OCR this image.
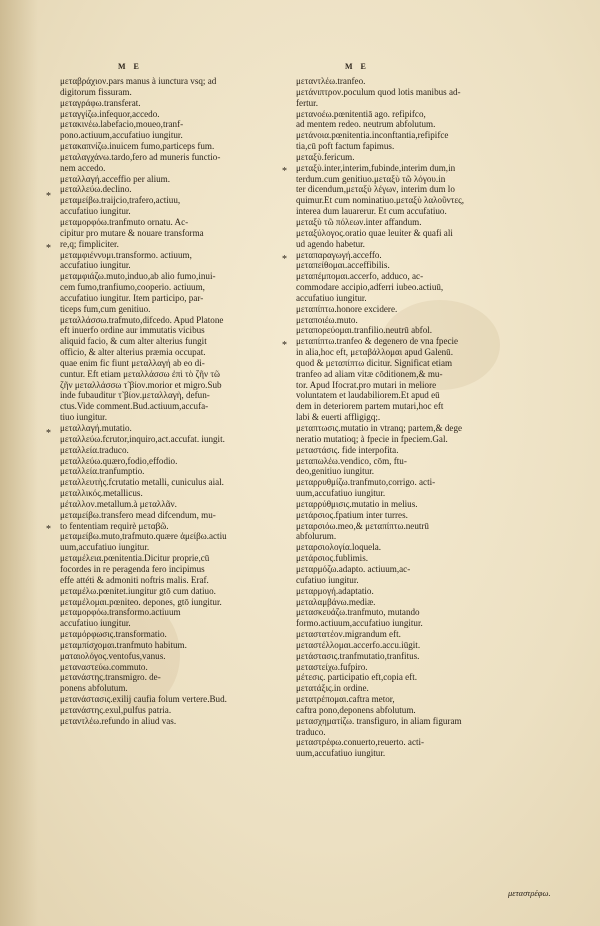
M E	M E
μεταβράχιον.pars manus à iunctura vsq; ad
digitorum fissuram.
μεταγράφω.transferat.
μεταγγίζω.infequor,accedo.
μετακινέω.labefacio,moueo,tranf-
pono.actiuum,accufatiuo iungitur.
μετακαπνίζω.inuicem fumo,particeps fum.
μεταλαγχάνω.tardo,fero ad muneris functio-
nem accedo.
μεταλλαγή.acceffio per alium.
μεταλλεύω.declino.
μεταμείβω.traijcio,trafero,actiuu,
accufatiuo iungitur.
μεταμορφόω.tranfmuto ornatu. Ac-
cipitur pro mutare & nouare transforma
re,q; fimpliciter.
μεταμφιέννυμι.transformo. actiuum,
accufatiuo iungitur.
μεταμφιάζω.muto,induo,ab alio fumo,inui-
cem fumo,tranfiumo,cooperio. actiuum,
accufatiuo iungitur. Item participo, par-
ticeps fum,cum genitiuo.
μεταλλάσσω.trafmuto,difcedo. Apud Platone
eft inuerfo ordine aur immutatis vicibus
aliquid facio, & cum alter alterius fungit
officio, & alter alterius præmia occupat.
quae enim fic fiunt μεταλλαγή ab eo di-
cuntur. Eft etiam μεταλλάσσω ἐπὶ τὸ ζῆν τῶ
ζῆν μεταλλάσσω τ̃ βίον.morior et migro.Sub
inde fubauditur τ̃ βίον.μεταλλαγὴ, defun-
ctus.Vide comment.Bud.actiuum,accufa-
tiuo iungitur.
μεταλλαγή.mutatio.
μεταλλεύω.fcrutor,inquiro,act.accufat. iungit.
μεταλλεία.traduco.
μεταλλεύω.quæro,fodio,effodio.
μεταλλεία.tranfumptio.
μεταλλευτὴς.fcrutatio metalli, cuniculus aial.
μεταλλικός.metallicus.
μέταλλον.metallum.à μεταλλᾶν.
μεταμείβω.transfero mead difcendum, mu-
to fententiam requirè μεταβῶ.
μεταμείβω.muto,trafmuto.quære ἀμείβω.actiu
uum,accufatiuo iungitur.
μεταμέλεια.pœnitentia.Dicitur proprie,cū
focordes in re peragenda fero incipimus
effe attéti & admoniti noftris malis. Eraf.
μεταμέλω.pœnitet.iungitur gtō cum datiuo.
μεταμέλομαι.pœniteo. depones, gtō iungitur.
μεταμορφόω.transformo.actiuum
accufatiuo iungitur.
μεταμόρφωσις.transformatio.
μεταμπίσχομαι.tranfmuto habitum.
ματαιολόγος.ventofus,vanus.
μεταναστεύω.commuto.
μετανάστης.transmigro. de-
ponens abfolutum.
μετανάστασις.exilij caufia folum vertere.Bud.
μετανάστης.exul,pulfus patria.
μεταντλέω.refundo in aliud vas.
μεταντλέω.tranfeo.
μετάνιπτρον.poculum quod lotis manibus ad-
fertur.
μετανοέω.pœnitentiā ago. refipifco,
ad mentem redeo. neutrum abfolutum.
μετάνοια.pœnitentia.inconftantia,refipifce
tia,cū poft factum fapimus.
μεταξὺ.fericum.
μεταξὺ.inter,interim,fubinde,interim dum,in
terdum.cum genitiuo.μεταξὺ τῶ λόγου.in
ter dicendum,μεταξὺ λέγων, interim dum lo
quimur.Et cum nominatiuo.μεταξὺ λαλοῦντες,
interea dum lauarerur. Et cum accufatiuo.
μεταξὺ τῶ πόλεων.inter affandum.
μεταξύλογος.oratio quae leuiter & quafi ali
ud agendo habetur.
μεταπαραγωγή.acceffo.
μεταπείθομαι.acceffibilis.
μεταπέμπομαι.accerfo, adduco, ac-
commodare accipio,adferri iubeo.actiuū,
accufatiuo iungitur.
μεταπίπτω.honore excidere.
μεταποιέω.muto.
μεταπορεύομαι.tranfilio.neutrū abfol.
μεταπίπτω.tranfeo & degenero de vna fpecie
in alia,hoc eft, μεταβάλλομαι apud Galenū.
quod & μεταπίπτω dicitur. Significat etiam
tranfeo ad aliam vitæ cōditionem,& mu-
tor. Apud Ifocrat.pro mutari in meliore
voluntatem et laudabiliorem.Et apud eū
dem in deteriorem partem mutari,hoc eft
labi & euerti affligigq;.
μεταπτωσις.mutatio in vtranq; partem,& dege
neratio mutatioq; à fpecie in fpeciem.Gal.
μεταστάσις. fide interpofita.
μεταπωλέω.vendico, cōm, ftu-
deo,genitiuo iungitur.
μεταρρυθμίζω.tranfmuto,corrigo. acti-
uum,accufatiuo iungitur.
μεταρρύθμισις.mutatio in melius.
μετάρσιος.fpatium inter turres.
μεταρσιόω.meo,& μεταπίπτω.neutrū
abfolurum.
μεταρσιολογία.loquela.
μετάρσιος.fublimis.
μεταρμόζω.adapto. actiuum,ac-
cufatiuo iungitur.
μεταρμογή.adaptatio.
μεταλαμβάνω.mediæ.
μετασκευάζω.tranfmuto, mutando
formo.actiuum,accufatiuo iungitur.
μεταστατέον.migrandum eft.
μεταστέλλομαι.accerfo.accu.iūgit.
μετάστασις.tranfmutatio,tranfitus.
μεταστείχω.fufpiro.
μέτεσις. participatio eft,copia eft.
μετατάξις.in ordine.
μετατρέπομαι.caftra metor,
caftra pono,deponens abfolutum.
μετασχηματίζω. transfiguro, in aliam figuram
traduco.
μεταστρέφω.conuerto,reuerto. acti-
uum,accufatiuo iungitur.
*
*
*
*
*
*
*
μεταστρέφω.
